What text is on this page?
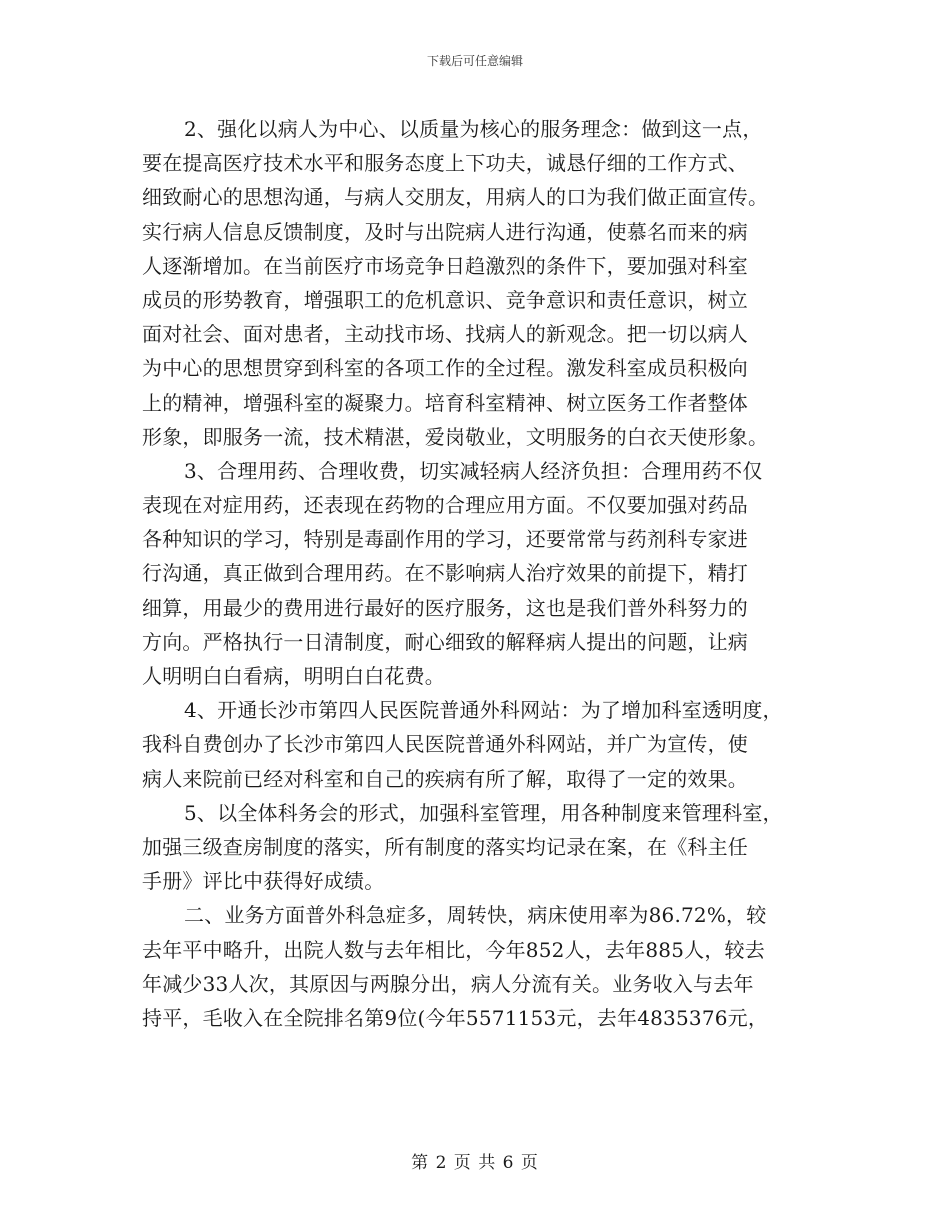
下载后可任意编辑
2、强化以病人为中心、以质量为核心的服务理念：做到这一点，
要在提高医疗技术水平和服务态度上下功夫，诚恳仔细的工作方式、
细致耐心的思想沟通，与病人交朋友，用病人的口为我们做正面宣传。
实行病人信息反馈制度，及时与出院病人进行沟通，使慕名而来的病
人逐渐增加。在当前医疗市场竞争日趋激烈的条件下，要加强对科室
成员的形势教育，增强职工的危机意识、竞争意识和责任意识，树立
面对社会、面对患者，主动找市场、找病人的新观念。把一切以病人
为中心的思想贯穿到科室的各项工作的全过程。激发科室成员积极向
上的精神，增强科室的凝聚力。培育科室精神、树立医务工作者整体
形象，即服务一流，技术精湛，爱岗敬业，文明服务的白衣天使形象。
3、合理用药、合理收费，切实减轻病人经济负担：合理用药不仅
表现在对症用药，还表现在药物的合理应用方面。不仅要加强对药品
各种知识的学习，特别是毒副作用的学习，还要常常与药剂科专家进
行沟通，真正做到合理用药。在不影响病人治疗效果的前提下，精打
细算，用最少的费用进行最好的医疗服务，这也是我们普外科努力的
方向。严格执行一日清制度，耐心细致的解释病人提出的问题，让病
人明明白白看病，明明白白花费。
4、开通长沙市第四人民医院普通外科网站：为了增加科室透明度，
我科自费创办了长沙市第四人民医院普通外科网站，并广为宣传，使
病人来院前已经对科室和自己的疾病有所了解，取得了一定的效果。
5、以全体科务会的形式，加强科室管理，用各种制度来管理科室，
加强三级查房制度的落实，所有制度的落实均记录在案，在《科主任
手册》评比中获得好成绩。
二、业务方面普外科急症多，周转快，病床使用率为86.72%，较
去年平中略升，出院人数与去年相比，今年852人，去年885人，较去
年减少33人次，其原因与两腺分出，病人分流有关。业务收入与去年
持平，毛收入在全院排名第9位(今年5571153元，去年4835376元，
第 2 页 共 6 页
